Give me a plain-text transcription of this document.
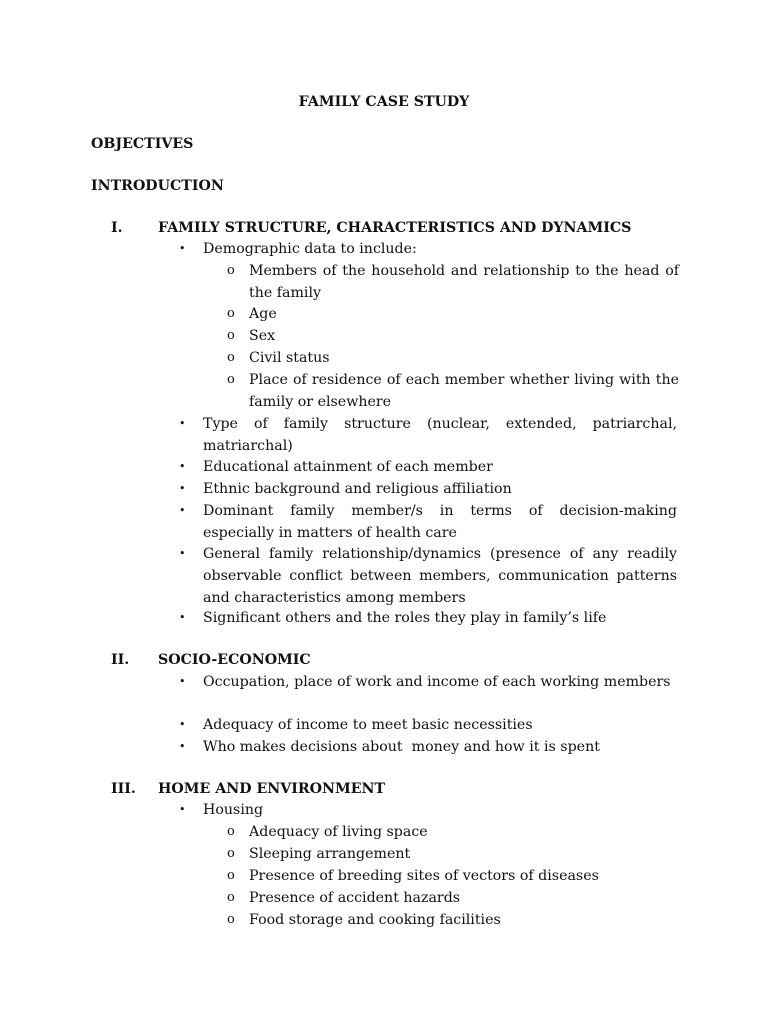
FAMILY CASE STUDY
OBJECTIVES
INTRODUCTION
I. FAMILY STRUCTURE, CHARACTERISTICS AND DYNAMICS
• Demographic data to include:
o Members of the household and relationship to the head of the family
o Age
o Sex
o Civil status
o Place of residence of each member whether living with the family or elsewhere
• Type of family structure (nuclear, extended, patriarchal, matriarchal)
• Educational attainment of each member
• Ethnic background and religious affiliation
• Dominant family member/s in terms of decision-making especially in matters of health care
• General family relationship/dynamics (presence of any readily observable conflict between members, communication patterns and characteristics among members
• Significant others and the roles they play in family’s life
II. SOCIO-ECONOMIC
• Occupation, place of work and income of each working members
• Adequacy of income to meet basic necessities
• Who makes decisions about  money and how it is spent
III. HOME AND ENVIRONMENT
• Housing
o Adequacy of living space
o Sleeping arrangement
o Presence of breeding sites of vectors of diseases
o Presence of accident hazards
o Food storage and cooking facilities
